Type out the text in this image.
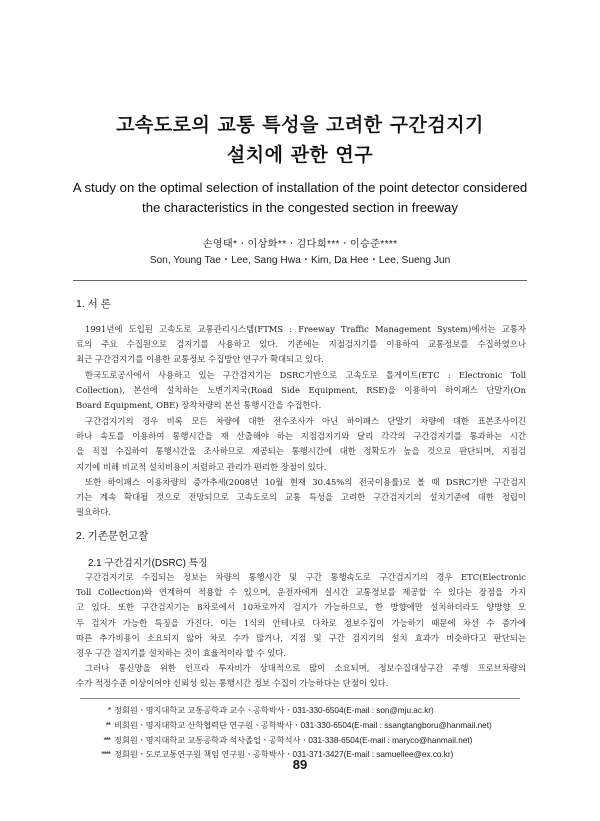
고속도로의 교통 특성을 고려한 구간검지기
설치에 관한 연구
A study on the optimal selection of installation of the point detector considered
the characteristics in the congested section in freeway
손영태*ㆍ이상화**ㆍ김다희***ㆍ이승준****
Son, Young Tae・Lee, Sang Hwa・Kim, Da Hee・Lee, Sueng Jun
1. 서 론
1991년에 도입된 고속도로 교통관리시스템(FTMS : Freeway Traffic Management System)에서는 교통자
료의 주요 수집원으로 검지기를 사용하고 있다. 기존에는 지점검지기를 이용하여 교통정보를 수집하였으나
최근 구간검지기를 이용한 교통정보 수집방안 연구가 확대되고 있다.
한국도로공사에서 사용하고 있는 구간검지기는 DSRC기반으로 고속도로 톨게이트(ETC : Electronic Toll
Collection), 본선에 설치하는 노변기지국(Road Side Equipment, RSE)을 이용하여 하이패스 단말기(On
Board Equipment, OBE) 장착차량의 본선 통행시간을 수집한다.
구간검지기의 경우 비록 모든 차량에 대한 전수조사가 아닌 하이패스 단말기 차량에 대한 표본조사이긴
하나 속도를 이용하여 통행시간을 재 산출해야 하는 지점검지기와 달리 각각의 구간검지기를 통과하는 시간
을 직접 수집하여 통행시간을 조사하므로 제공되는 통행시간에 대한 정확도가 높을 것으로 판단되며, 지점검
지기에 비해 비교적 설치비용이 저렴하고 관리가 편리한 장점이 있다.
또한 하이패스 이용차량의 증가추세(2008년 10월 현재 30.45%의 전국이용률)로 볼 때 DSRC기반 구간검지
기는 계속 확대될 것으로 전망되므로 고속도로의 교통 특성을 고려한 구간검지기의 설치기준에 대한 정립이
필요하다.
2. 기존문헌고찰
2.1 구간검지기(DSRC) 특징
구간검지기로 수집되는 정보는 차량의 통행시간 및 구간 통행속도로 구간검지기의 경우 ETC(Electronic
Toll Collection)와 연계하여 적용할 수 있으며, 운전자에게 실시간 교통정보를 제공할 수 있다는 장점을 가지
고 있다. 또한 구간검지기는 8차로에서 10차로까지 검지가 가능하므로, 한 방향에만 설치하더라도 양방향 모
두 검지가 가능한 특징을 가진다. 이는 1식의 안테나로 다차로 정보수집이 가능하기 때문에 차선 수 증가에
따른 추가비용이 소요되지 않아 차로 수가 많거나, 지점 및 구간 검지기의 설치 효과가 비슷하다고 판단되는
경우 구간 검지기를 설치하는 것이 효율적이라 할 수 있다.
그러나 통신망을 위한 인프라 투자비가 상대적으로 많이 소요되며, 정보수집대상구간 주행 프로브차량의
수가 적정수준 이상이어야 신뢰성 있는 통행시간 정보 수집이 가능하다는 단점이 있다.
* 정회원ㆍ명지대학교 교통공학과 교수ㆍ공학박사ㆍ031-330-6504(E-mail : son@mju.ac.kr)
** 비회원ㆍ명지대학교 산학협력단 연구원ㆍ공학박사ㆍ031-330-6504(E-mail : ssangtangboru@hanmail.net)
*** 정회원ㆍ명지대학교 교통공학과 석사졸업ㆍ공학석사ㆍ031-338-6504(E-mail : maryco@hanmail.net)
**** 정회원ㆍ도로교통연구원 책임 연구원ㆍ공학박사ㆍ031-371-3427(E-mail : samuellee@ex.co.kr)
89
